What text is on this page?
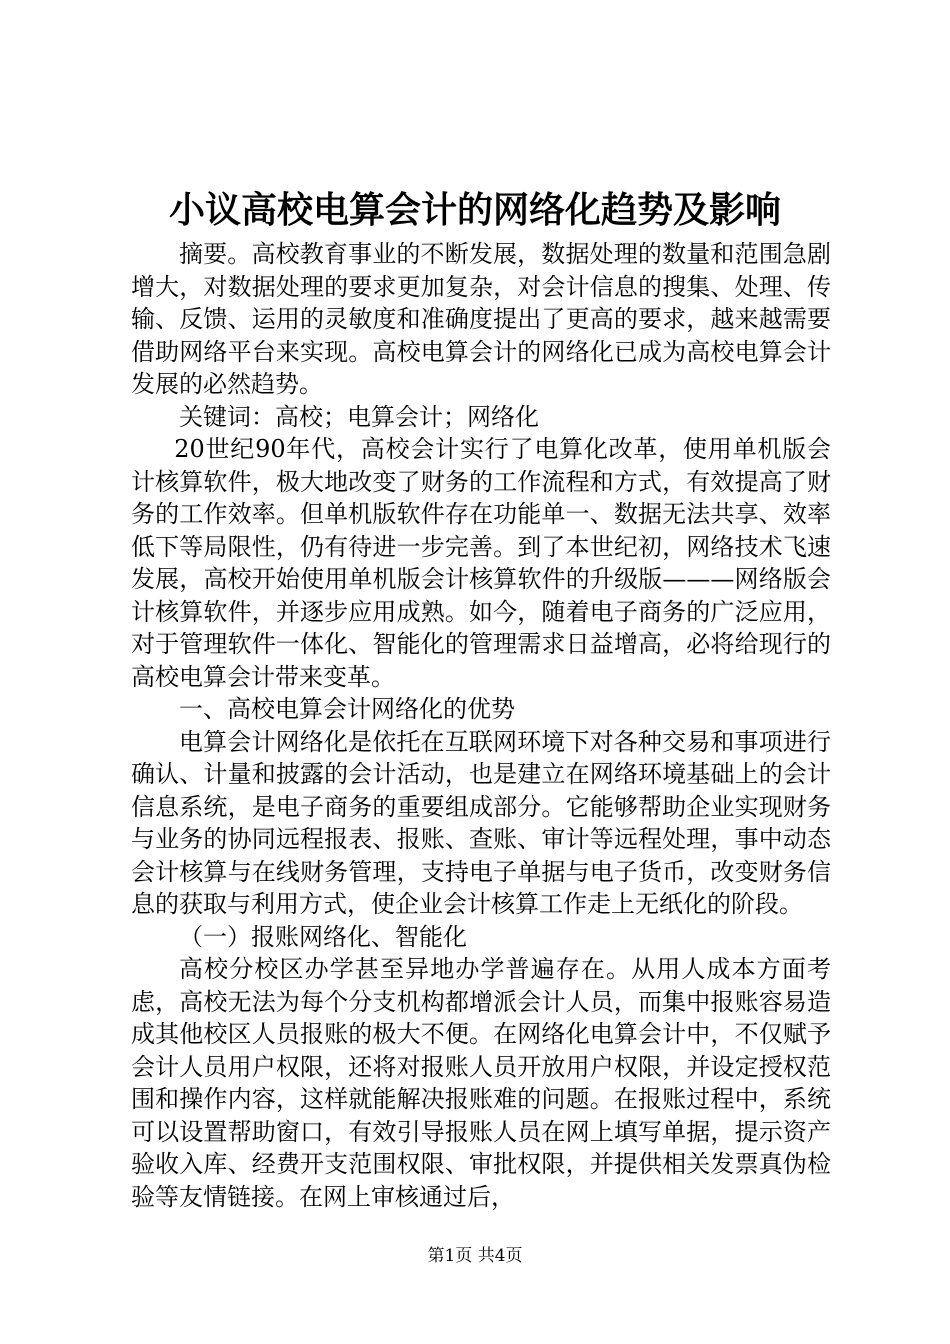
小议高校电算会计的网络化趋势及影响

摘要。高校教育事业的不断发展，数据处理的数量和范围急剧增大，对数据处理的要求更加复杂，对会计信息的搜集、处理、传输、反馈、运用的灵敏度和准确度提出了更高的要求，越来越需要借助网络平台来实现。高校电算会计的网络化已成为高校电算会计发展的必然趋势。

关键词：高校；电算会计；网络化

20世纪90年代，高校会计实行了电算化改革，使用单机版会计核算软件，极大地改变了财务的工作流程和方式，有效提高了财务的工作效率。但单机版软件存在功能单一、数据无法共享、效率低下等局限性，仍有待进一步完善。到了本世纪初，网络技术飞速发展，高校开始使用单机版会计核算软件的升级版———网络版会计核算软件，并逐步应用成熟。如今，随着电子商务的广泛应用，对于管理软件一体化、智能化的管理需求日益增高，必将给现行的高校电算会计带来变革。

一、高校电算会计网络化的优势

电算会计网络化是依托在互联网环境下对各种交易和事项进行确认、计量和披露的会计活动，也是建立在网络环境基础上的会计信息系统，是电子商务的重要组成部分。它能够帮助企业实现财务与业务的协同远程报表、报账、查账、审计等远程处理，事中动态会计核算与在线财务管理，支持电子单据与电子货币，改变财务信息的获取与利用方式，使企业会计核算工作走上无纸化的阶段。

（一）报账网络化、智能化

高校分校区办学甚至异地办学普遍存在。从用人成本方面考虑，高校无法为每个分支机构都增派会计人员，而集中报账容易造成其他校区人员报账的极大不便。在网络化电算会计中，不仅赋予会计人员用户权限，还将对报账人员开放用户权限，并设定授权范围和操作内容，这样就能解决报账难的问题。在报账过程中，系统可以设置帮助窗口，有效引导报账人员在网上填写单据，提示资产验收入库、经费开支范围权限、审批权限，并提供相关发票真伪检验等友情链接。在网上审核通过后，

第1页 共4页
